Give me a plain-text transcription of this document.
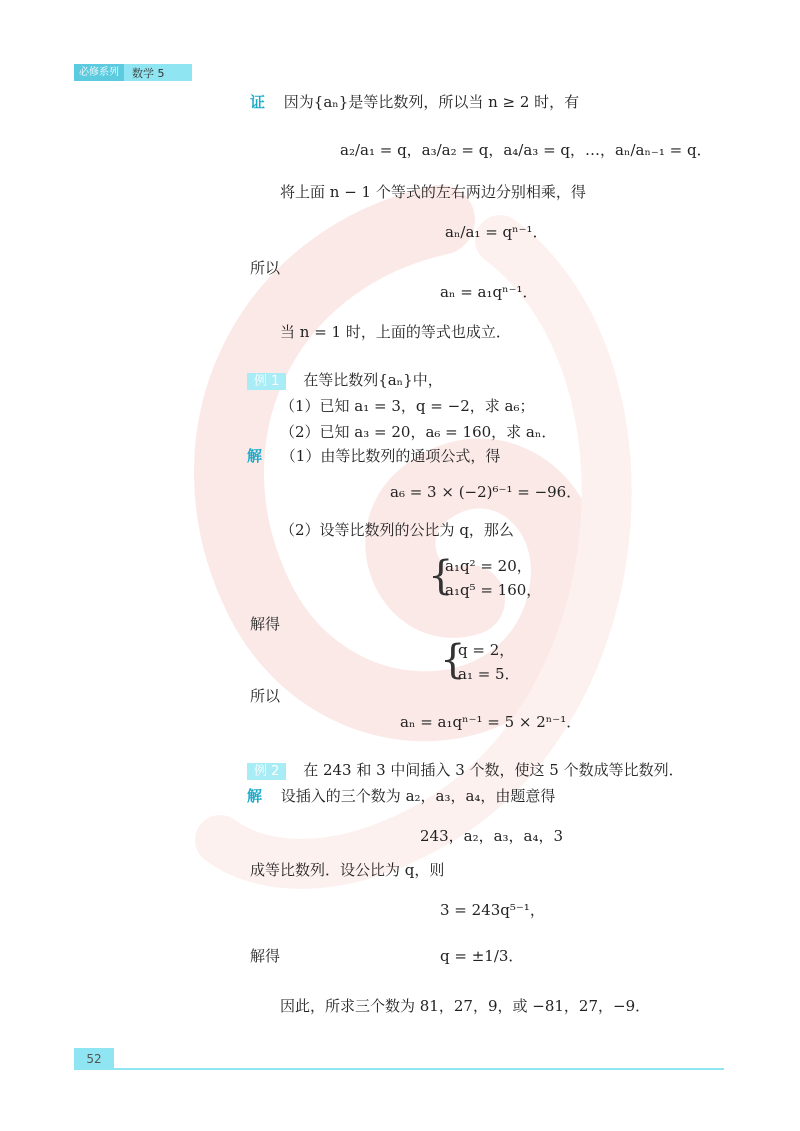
必修系列	数学 5
证 因为{aₙ}是等比数列，所以当 n ≥ 2 时，有
a₂/a₁ = q，a₃/a₂ = q，a₄/a₃ = q，…，aₙ/aₙ₋₁ = q．
将上面 n − 1 个等式的左右两边分别相乘，得
aₙ/a₁ = qⁿ⁻¹．
所以
aₙ = a₁qⁿ⁻¹．
当 n = 1 时，上面的等式也成立．
例 1 在等比数列{aₙ}中，
（1）已知 a₁ = 3，q = −2，求 a₆；
（2）已知 a₃ = 20，a₆ = 160，求 aₙ．
解 （1）由等比数列的通项公式，得
a₆ = 3 × (−2)⁶⁻¹ = −96．
（2）设等比数列的公比为 q，那么
{
a₁q² = 20，
a₁q⁵ = 160，
解得
{
q = 2，
a₁ = 5．
所以
aₙ = a₁qⁿ⁻¹ = 5 × 2ⁿ⁻¹．
例 2 在 243 和 3 中间插入 3 个数，使这 5 个数成等比数列．
解 设插入的三个数为 a₂，a₃，a₄，由题意得
243，a₂，a₃，a₄，3
成等比数列．设公比为 q，则
3 = 243q⁵⁻¹，
解得	q = ±1/3．
因此，所求三个数为 81，27，9，或 −81，27，−9．
52
